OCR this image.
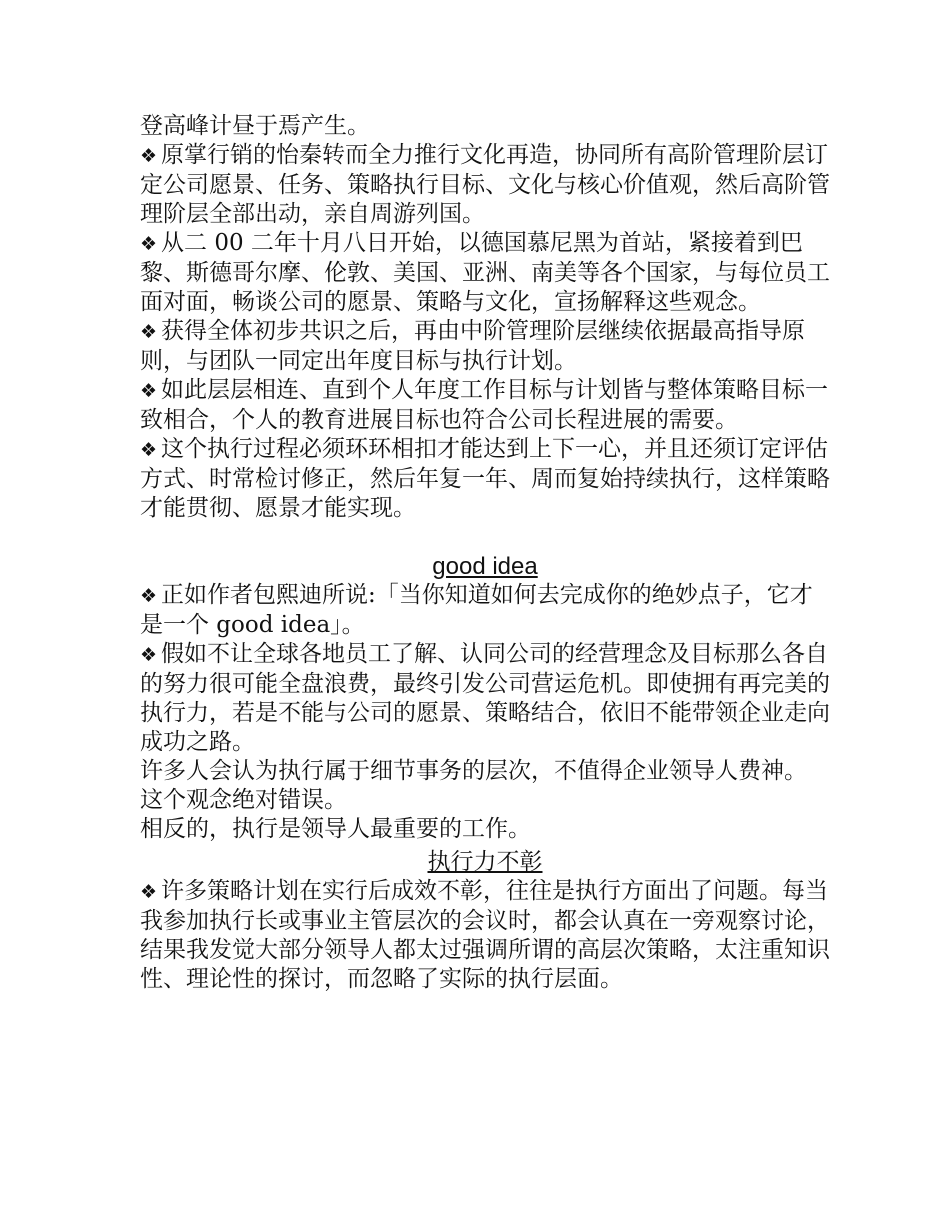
登高峰计昼于焉产生。

❖ 原掌行销的怡秦转而全力推行文化再造，协同所有高阶管理阶层订定公司愿景、任务、策略执行目标、文化与核心价值观，然后高阶管理阶层全部出动，亲自周游列国。

❖ 从二 00 二年十月八日开始，以德国慕尼黑为首站，紧接着到巴黎、斯德哥尔摩、伦敦、美国、亚洲、南美等各个国家，与每位员工面对面，畅谈公司的愿景、策略与文化，宣扬解释这些观念。

❖ 获得全体初步共识之后，再由中阶管理阶层继续依据最高指导原则，与团队一同定出年度目标与执行计划。

❖ 如此层层相连、直到个人年度工作目标与计划皆与整体策略目标一致相合，个人的教育进展目标也符合公司长程进展的需要。

❖ 这个执行过程必须环环相扣才能达到上下一心，并且还须订定评估方式、时常检讨修正，然后年复一年、周而复始持续执行，这样策略才能贯彻、愿景才能实现。

good idea

❖ 正如作者包熙迪所说:「当你知道如何去完成你的绝妙点子，它才是一个 good idea」。

❖ 假如不让全球各地员工了解、认同公司的经营理念及目标那么各自的努力很可能全盘浪费，最终引发公司营运危机。即使拥有再完美的执行力，若是不能与公司的愿景、策略结合，依旧不能带领企业走向成功之路。

许多人会认为执行属于细节事务的层次，不值得企业领导人费神。

这个观念绝对错误。

相反的，执行是领导人最重要的工作。

执行力不彰

❖ 许多策略计划在实行后成效不彰，往往是执行方面出了问题。每当我参加执行长或事业主管层次的会议时，都会认真在一旁观察讨论，结果我发觉大部分领导人都太过强调所谓的高层次策略，太注重知识性、理论性的探讨，而忽略了实际的执行层面。
